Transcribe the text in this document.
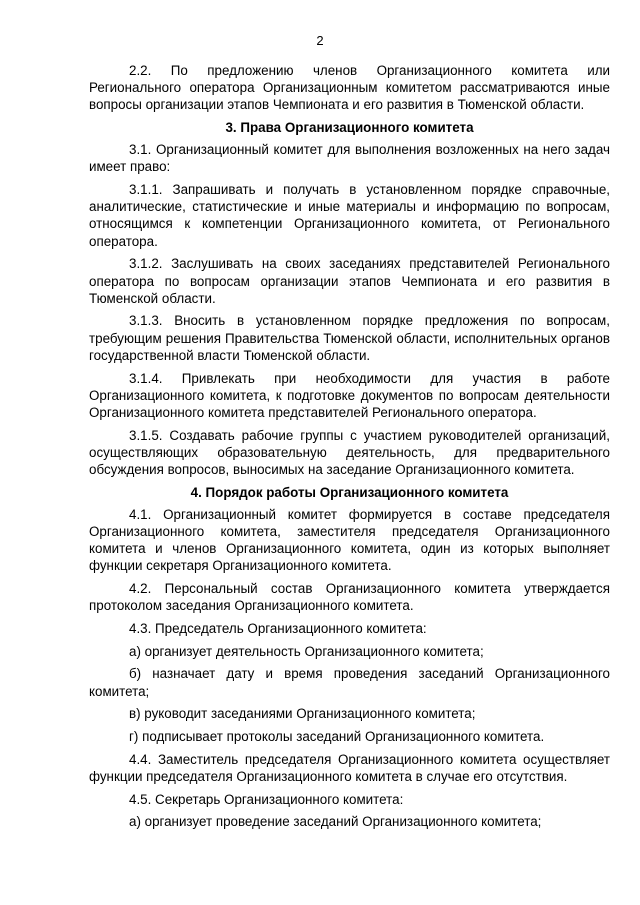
2

2.2. По предложению членов Организационного комитета или Регионального оператора Организационным комитетом рассматриваются иные вопросы организации этапов Чемпионата и его развития в Тюменской области.

3. Права Организационного комитета

3.1. Организационный комитет для выполнения возложенных на него задач имеет право:

3.1.1. Запрашивать и получать в установленном порядке справочные, аналитические, статистические и иные материалы и информацию по вопросам, относящимся к компетенции Организационного комитета, от Регионального оператора.

3.1.2. Заслушивать на своих заседаниях представителей Регионального оператора по вопросам организации этапов Чемпионата и его развития в Тюменской области.

3.1.3. Вносить в установленном порядке предложения по вопросам, требующим решения Правительства Тюменской области, исполнительных органов государственной власти Тюменской области.

3.1.4. Привлекать при необходимости для участия в работе Организационного комитета, к подготовке документов по вопросам деятельности Организационного комитета представителей Регионального оператора.

3.1.5. Создавать рабочие группы с участием руководителей организаций, осуществляющих образовательную деятельность, для предварительного обсуждения вопросов, выносимых на заседание Организационного комитета.

4. Порядок работы Организационного комитета

4.1. Организационный комитет формируется в составе председателя Организационного комитета, заместителя председателя Организационного комитета и членов Организационного комитета, один из которых выполняет функции секретаря Организационного комитета.

4.2. Персональный состав Организационного комитета утверждается протоколом заседания Организационного комитета.

4.3. Председатель Организационного комитета:

а) организует деятельность Организационного комитета;

б) назначает дату и время проведения заседаний Организационного комитета;

в) руководит заседаниями Организационного комитета;

г) подписывает протоколы заседаний Организационного комитета.

4.4. Заместитель председателя Организационного комитета осуществляет функции председателя Организационного комитета в случае его отсутствия.

4.5. Секретарь Организационного комитета:

а) организует проведение заседаний Организационного комитета;
